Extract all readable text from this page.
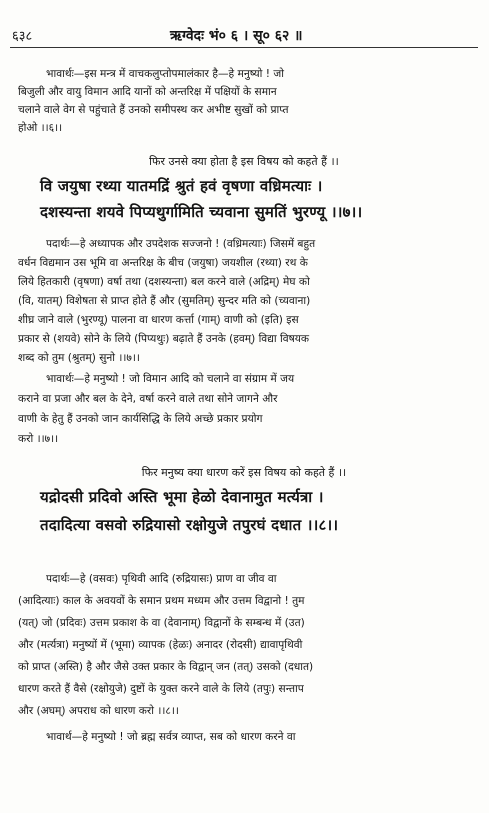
६३८	ऋग्वेदः भं० ६ । सू० ६२ ॥
भावार्थः—इस मन्त्र में वाचकलुप्तोपमालंकार है—हे मनुष्यो ! जो
बिजुली और वायु विमान आदि यानों को अन्तरिक्ष में पक्षियों के समान
चलाने वाले वेग से पहुंचाते हैं उनको समीपस्थ कर अभीष्ट सुखों को प्राप्त
होओ ।।६।।
फिर उनसे क्या होता है इस विषय को कहते हैं ।।
वि जयुषा रथ्या यातमद्रिं श्रुतं हवं वृषणा वध्रिमत्याः ।
दशस्यन्ता शयवे पिप्यथुर्गामिति च्यवाना सुमतिं भुरण्यू ।।७।।
पदार्थः—हे अध्यापक और उपदेशक सज्जनो ! (वध्रिमत्याः) जिसमें बहुत
वर्धन विद्यमान उस भूमि वा अन्तरिक्ष के बीच (जयुषा) जयशील (रथ्या) रथ के
लिये हितकारी (वृषणा) वर्षा तथा (दशस्यन्ता) बल करने वाले (अद्रिम्) मेघ को
(वि, यातम्) विशेषता से प्राप्त होते हैं और (सुमतिम्) सुन्दर मति को (च्यवाना)
शीघ्र जाने वाले (भुरण्यू) पालना वा धारण कर्त्ता (गाम्) वाणी को (इति) इस
प्रकार से (शयवे) सोने के लिये (पिप्यथुः) बढ़ाते हैं उनके (हवम्) विद्या विषयक
शब्द को तुम (श्रुतम्) सुनो ।।७।।
भावार्थः—हे मनुष्यो ! जो विमान आदि को चलाने वा संग्राम में जय
कराने वा प्रजा और बल के देने, वर्षा करने वाले तथा सोने जागने और
वाणी के हेतु हैं उनको जान कार्यसिद्धि के लिये अच्छे प्रकार प्रयोग
करो ।।७।।
फिर मनुष्य क्या धारण करें इस विषय को कहते हैं ।।
यद्रोदसी प्रदिवो अस्ति भूमा हेळो देवानामुत मर्त्यत्रा ।
तदादित्या वसवो रुद्रियासो रक्षोयुजे तपुरघं दधात ।।८।।
पदार्थः—हे (वसवः) पृथिवी आदि (रुद्रियासः) प्राण वा जीव वा
(आदित्याः) काल के अवयवों के समान प्रथम मध्यम और उत्तम विद्वानो ! तुम
(यत्) जो (प्रदिवः) उत्तम प्रकाश के वा (देवानाम्) विद्वानों के सम्बन्ध में (उत)
और (मर्त्यत्रा) मनुष्यों में (भूमा) व्यापक (हेळः) अनादर (रोदसी) द्यावापृथिवी
को प्राप्त (अस्ति) है और जैसे उक्त प्रकार के विद्वान् जन (तत्) उसको (दधात)
धारण करते हैं वैसे (रक्षोयुजे) दुष्टों के युक्त करने वाले के लिये (तपुः) सन्ताप
और (अघम्) अपराध को धारण करो ।।८।।
भावार्थ—हे मनुष्यो ! जो ब्रह्म सर्वत्र व्याप्त, सब को धारण करने वा
